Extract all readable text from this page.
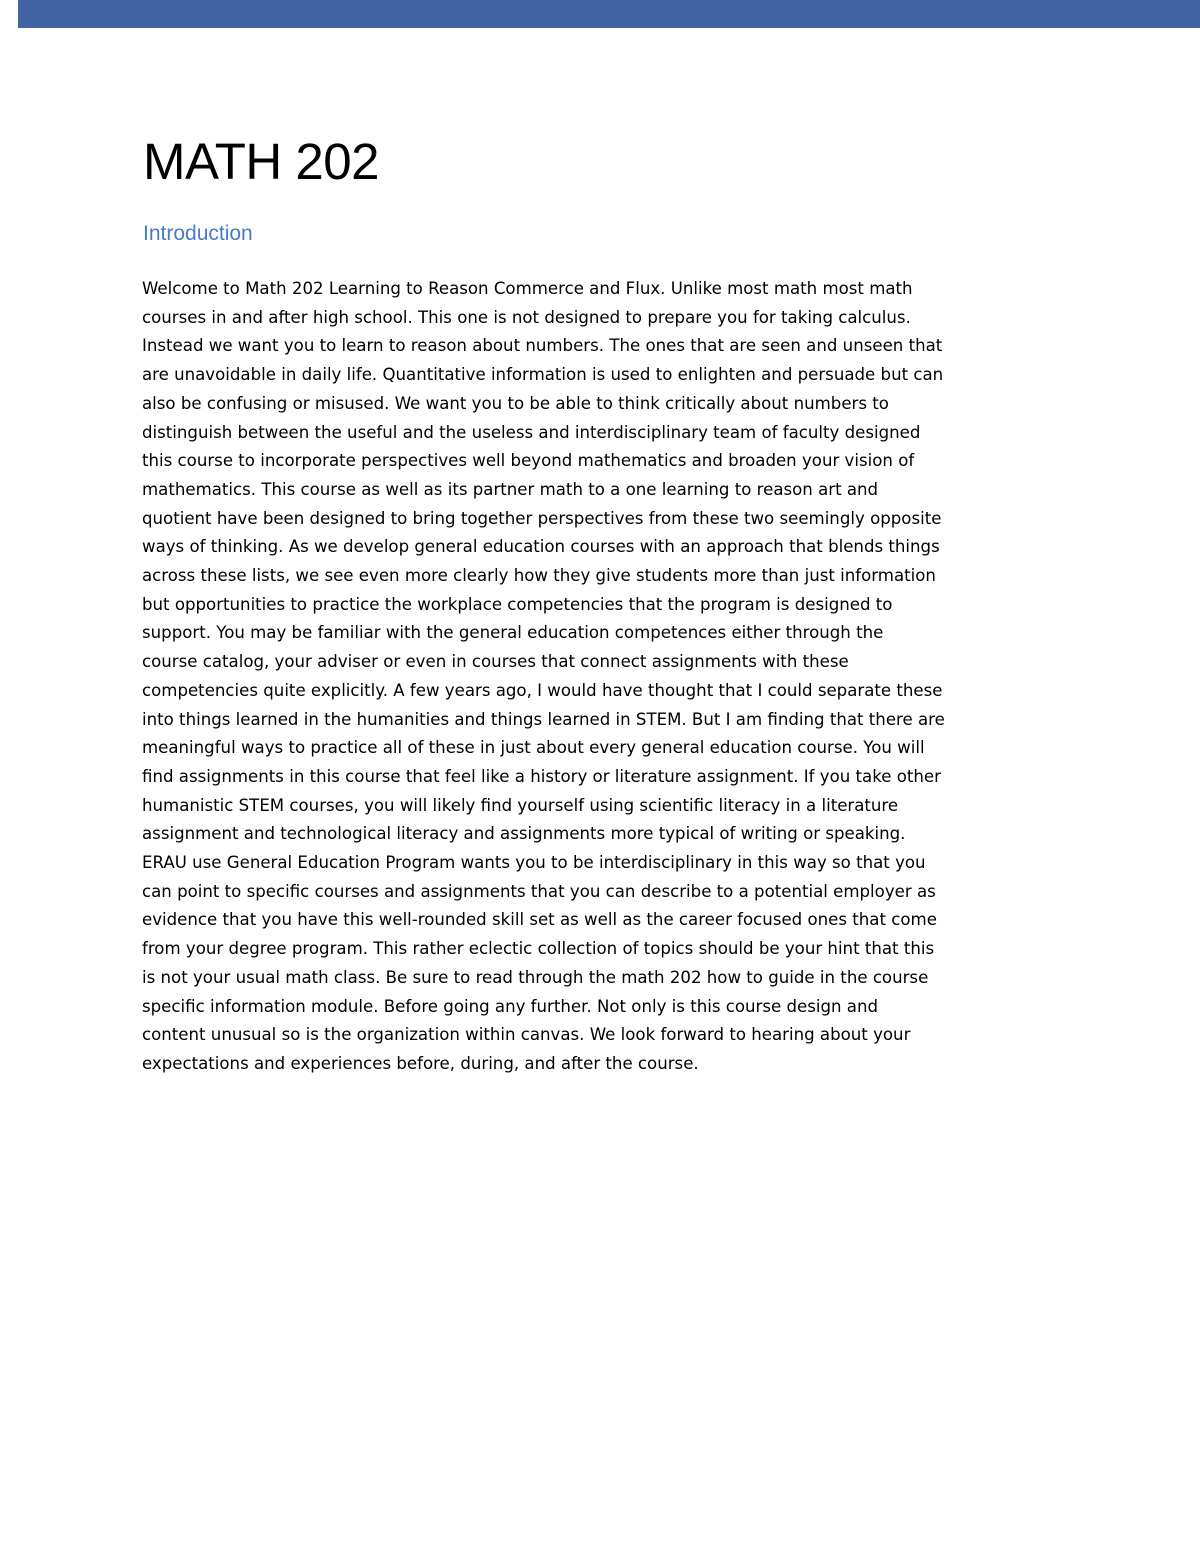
MATH 202
Introduction
Welcome to Math 202 Learning to Reason Commerce and Flux. Unlike most math most math
courses in and after high school. This one is not designed to prepare you for taking calculus.
Instead we want you to learn to reason about numbers. The ones that are seen and unseen that
are unavoidable in daily life. Quantitative information is used to enlighten and persuade but can
also be confusing or misused. We want you to be able to think critically about numbers to
distinguish between the useful and the useless and interdisciplinary team of faculty designed
this course to incorporate perspectives well beyond mathematics and broaden your vision of
mathematics. This course as well as its partner math to a one learning to reason art and
quotient have been designed to bring together perspectives from these two seemingly opposite
ways of thinking. As we develop general education courses with an approach that blends things
across these lists, we see even more clearly how they give students more than just information
but opportunities to practice the workplace competencies that the program is designed to
support. You may be familiar with the general education competences either through the
course catalog, your adviser or even in courses that connect assignments with these
competencies quite explicitly. A few years ago, I would have thought that I could separate these
into things learned in the humanities and things learned in STEM. But I am finding that there are
meaningful ways to practice all of these in just about every general education course. You will
find assignments in this course that feel like a history or literature assignment. If you take other
humanistic STEM courses, you will likely find yourself using scientific literacy in a literature
assignment and technological literacy and assignments more typical of writing or speaking.
ERAU use General Education Program wants you to be interdisciplinary in this way so that you
can point to specific courses and assignments that you can describe to a potential employer as
evidence that you have this well-rounded skill set as well as the career focused ones that come
from your degree program. This rather eclectic collection of topics should be your hint that this
is not your usual math class. Be sure to read through the math 202 how to guide in the course
specific information module. Before going any further. Not only is this course design and
content unusual so is the organization within canvas. We look forward to hearing about your
expectations and experiences before, during, and after the course.
